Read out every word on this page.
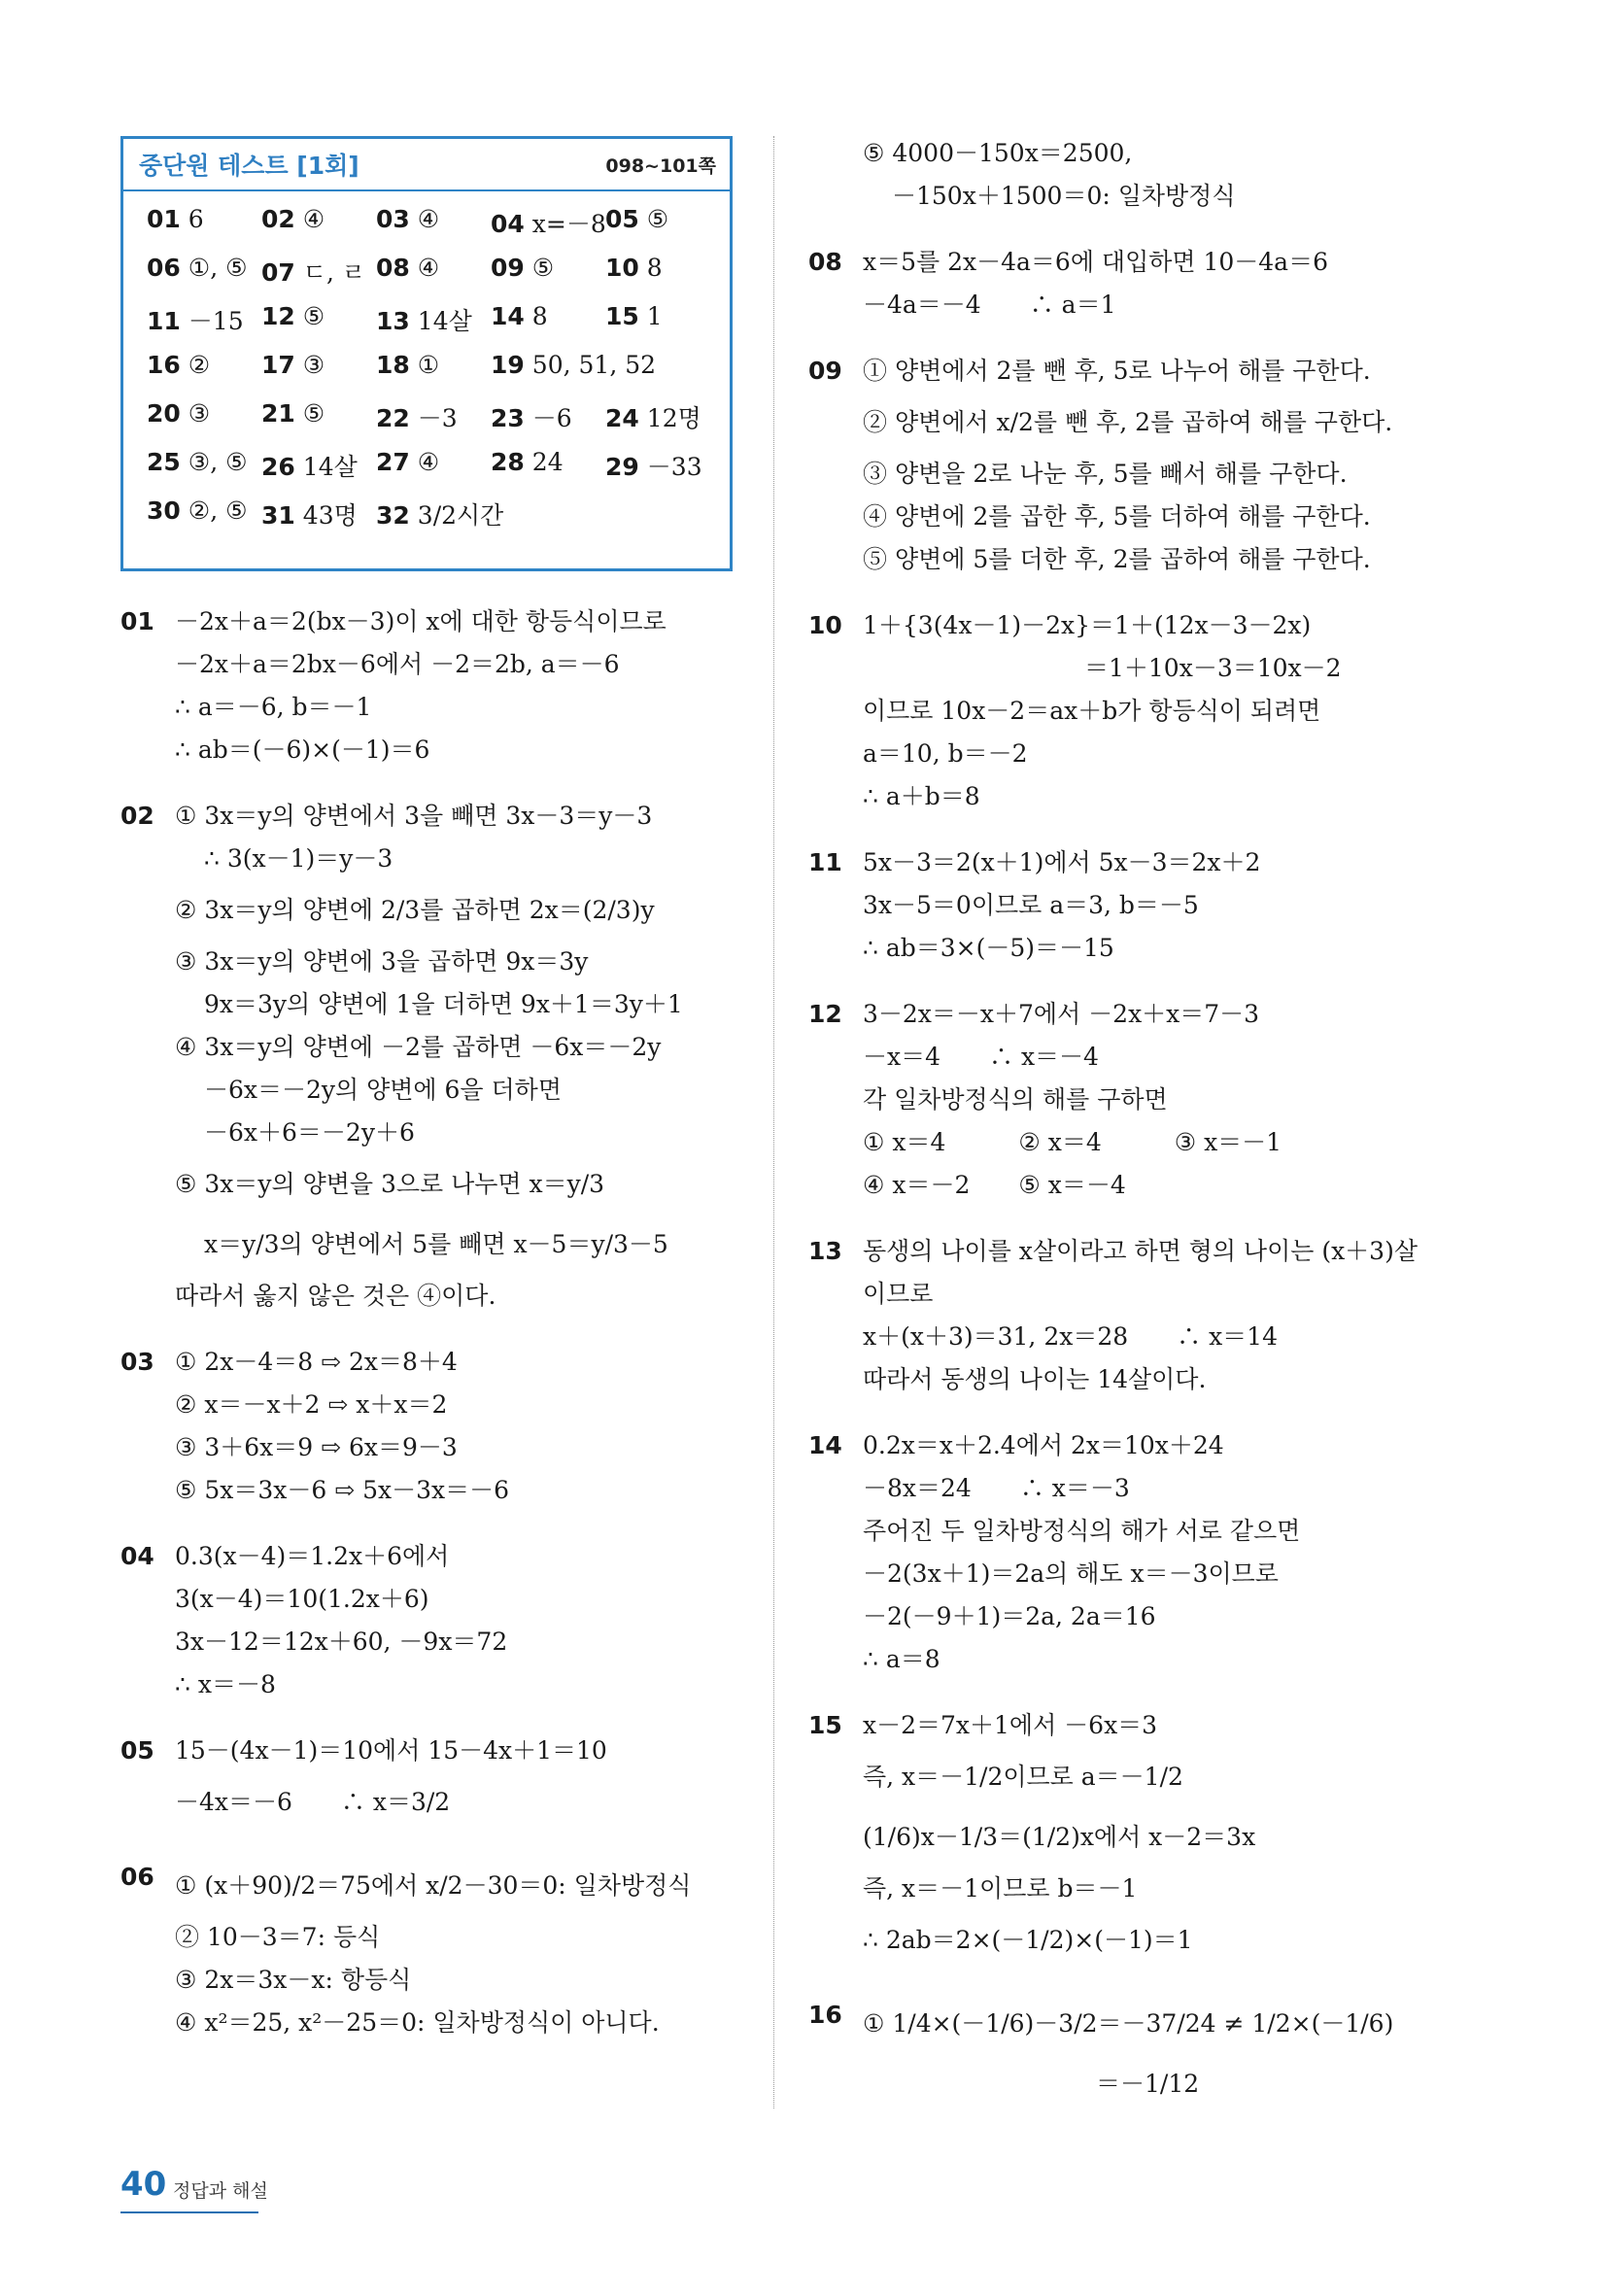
중단원 테스트 [1회]	098~101쪽
01 6 02 ④ 03 ④ 04 x=－8 05 ⑤
06 ①, ⑤ 07 ㄷ, ㄹ 08 ④ 09 ⑤ 10 8
11 －15 12 ⑤ 13 14살 14 8 15 1
16 ② 17 ③ 18 ① 19 50, 51, 52
20 ③ 21 ⑤ 22 －3 23 －6 24 12명
25 ③, ⑤ 26 14살 27 ④ 28 24 29 －33
30 ②, ⑤ 31 43명 32 3/2시간
01 －2x＋a＝2(bx－3)이 x에 대한 항등식이므로
－2x＋a＝2bx－6에서 －2＝2b, a＝－6
∴ a＝－6, b＝－1
∴ ab＝(－6)×(－1)＝6
02 ① 3x＝y의 양변에서 3을 빼면 3x－3＝y－3
∴ 3(x－1)＝y－3
② 3x＝y의 양변에 2/3를 곱하면 2x＝(2/3)y
③ 3x＝y의 양변에 3을 곱하면 9x＝3y
9x＝3y의 양변에 1을 더하면 9x＋1＝3y＋1
④ 3x＝y의 양변에 －2를 곱하면 －6x＝－2y
－6x＝－2y의 양변에 6을 더하면
－6x＋6＝－2y＋6
⑤ 3x＝y의 양변을 3으로 나누면 x＝y/3
x＝y/3의 양변에서 5를 빼면 x－5＝y/3－5
따라서 옳지 않은 것은 ④이다.
03 ① 2x－4＝8 ⇨ 2x＝8＋4
② x＝－x＋2 ⇨ x＋x＝2
③ 3＋6x＝9 ⇨ 6x＝9－3
⑤ 5x＝3x－6 ⇨ 5x－3x＝－6
04 0.3(x－4)＝1.2x＋6에서
3(x－4)＝10(1.2x＋6)
3x－12＝12x＋60, －9x＝72
∴ x＝－8
05 15－(4x－1)＝10에서 15－4x＋1＝10
－4x＝－6　　∴ x＝3/2
06 ① (x＋90)/2＝75에서 x/2－30＝0: 일차방정식
② 10－3＝7: 등식
③ 2x＝3x－x: 항등식
④ x²＝25, x²－25＝0: 일차방정식이 아니다.
⑤ 4000－150x＝2500,
－150x＋1500＝0: 일차방정식
08 x＝5를 2x－4a＝6에 대입하면 10－4a＝6
－4a＝－4　　∴ a＝1
09 ① 양변에서 2를 뺀 후, 5로 나누어 해를 구한다.
② 양변에서 x/2를 뺀 후, 2를 곱하여 해를 구한다.
③ 양변을 2로 나눈 후, 5를 빼서 해를 구한다.
④ 양변에 2를 곱한 후, 5를 더하여 해를 구한다.
⑤ 양변에 5를 더한 후, 2를 곱하여 해를 구한다.
10 1＋{3(4x－1)－2x}＝1＋(12x－3－2x)
＝1＋10x－3＝10x－2
이므로 10x－2＝ax＋b가 항등식이 되려면
a＝10, b＝－2
∴ a＋b＝8
11 5x－3＝2(x＋1)에서 5x－3＝2x＋2
3x－5＝0이므로 a＝3, b＝－5
∴ ab＝3×(－5)＝－15
12 3－2x＝－x＋7에서 －2x＋x＝7－3
－x＝4　　∴ x＝－4
각 일차방정식의 해를 구하면
① x＝4　　　② x＝4　　　③ x＝－1
④ x＝－2　　⑤ x＝－4
13 동생의 나이를 x살이라고 하면 형의 나이는 (x＋3)살
이므로
x＋(x＋3)＝31, 2x＝28　　∴ x＝14
따라서 동생의 나이는 14살이다.
14 0.2x＝x＋2.4에서 2x＝10x＋24
－8x＝24　　∴ x＝－3
주어진 두 일차방정식의 해가 서로 같으면
－2(3x＋1)＝2a의 해도 x＝－3이므로
－2(－9＋1)＝2a, 2a＝16
∴ a＝8
15 x－2＝7x＋1에서 －6x＝3
즉, x＝－1/2이므로 a＝－1/2
(1/6)x－1/3＝(1/2)x에서 x－2＝3x
즉, x＝－1이므로 b＝－1
∴ 2ab＝2×(－1/2)×(－1)＝1
16 ① 1/4×(－1/6)－3/2＝－37/24 ≠ 1/2×(－1/6)
＝－1/12
40 정답과 해설
